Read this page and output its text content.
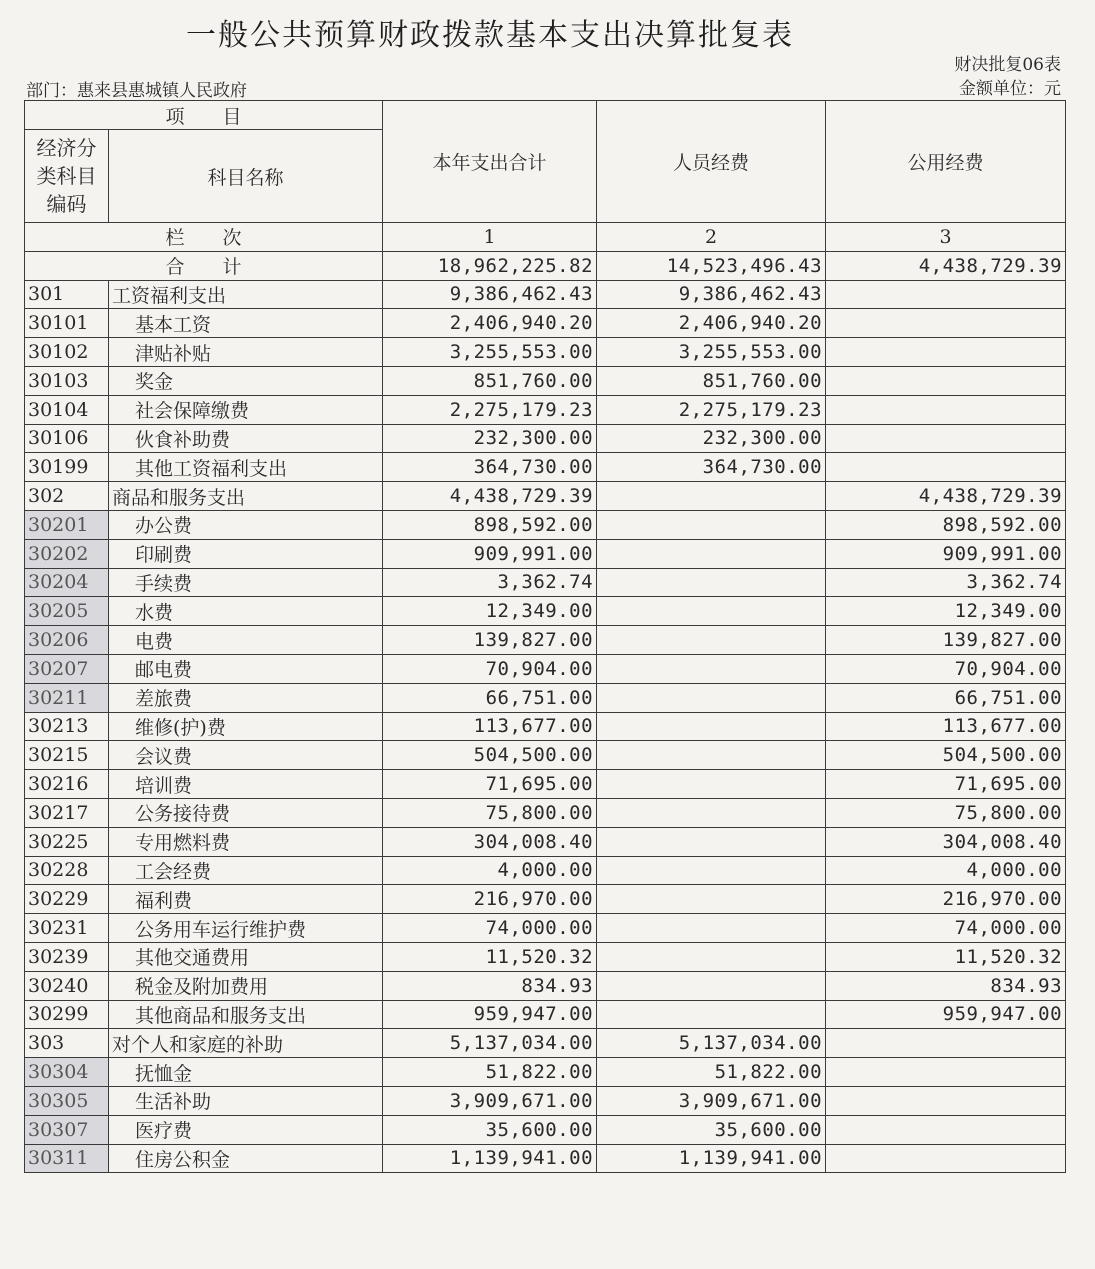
一般公共预算财政拨款基本支出决算批复表
财决批复06表
金额单位：元
部门：惠来县惠城镇人民政府
项　　目		本年支出合计	人员经费	公用经费
经济分类科目编码	科目名称			
栏　　次		1	2	3
合　　计		18,962,225.82	14,523,496.43	4,438,729.39
301	工资福利支出	9,386,462.43	9,386,462.43	
30101	基本工资	2,406,940.20	2,406,940.20	
30102	津贴补贴	3,255,553.00	3,255,553.00	
30103	奖金	851,760.00	851,760.00	
30104	社会保障缴费	2,275,179.23	2,275,179.23	
30106	伙食补助费	232,300.00	232,300.00	
30199	其他工资福利支出	364,730.00	364,730.00	
302	商品和服务支出	4,438,729.39		4,438,729.39
30201	办公费	898,592.00		898,592.00
30202	印刷费	909,991.00		909,991.00
30204	手续费	3,362.74		3,362.74
30205	水费	12,349.00		12,349.00
30206	电费	139,827.00		139,827.00
30207	邮电费	70,904.00		70,904.00
30211	差旅费	66,751.00		66,751.00
30213	维修(护)费	113,677.00		113,677.00
30215	会议费	504,500.00		504,500.00
30216	培训费	71,695.00		71,695.00
30217	公务接待费	75,800.00		75,800.00
30225	专用燃料费	304,008.40		304,008.40
30228	工会经费	4,000.00		4,000.00
30229	福利费	216,970.00		216,970.00
30231	公务用车运行维护费	74,000.00		74,000.00
30239	其他交通费用	11,520.32		11,520.32
30240	税金及附加费用	834.93		834.93
30299	其他商品和服务支出	959,947.00		959,947.00
303	对个人和家庭的补助	5,137,034.00	5,137,034.00	
30304	抚恤金	51,822.00	51,822.00	
30305	生活补助	3,909,671.00	3,909,671.00	
30307	医疗费	35,600.00	35,600.00	
30311	住房公积金	1,139,941.00	1,139,941.00	
